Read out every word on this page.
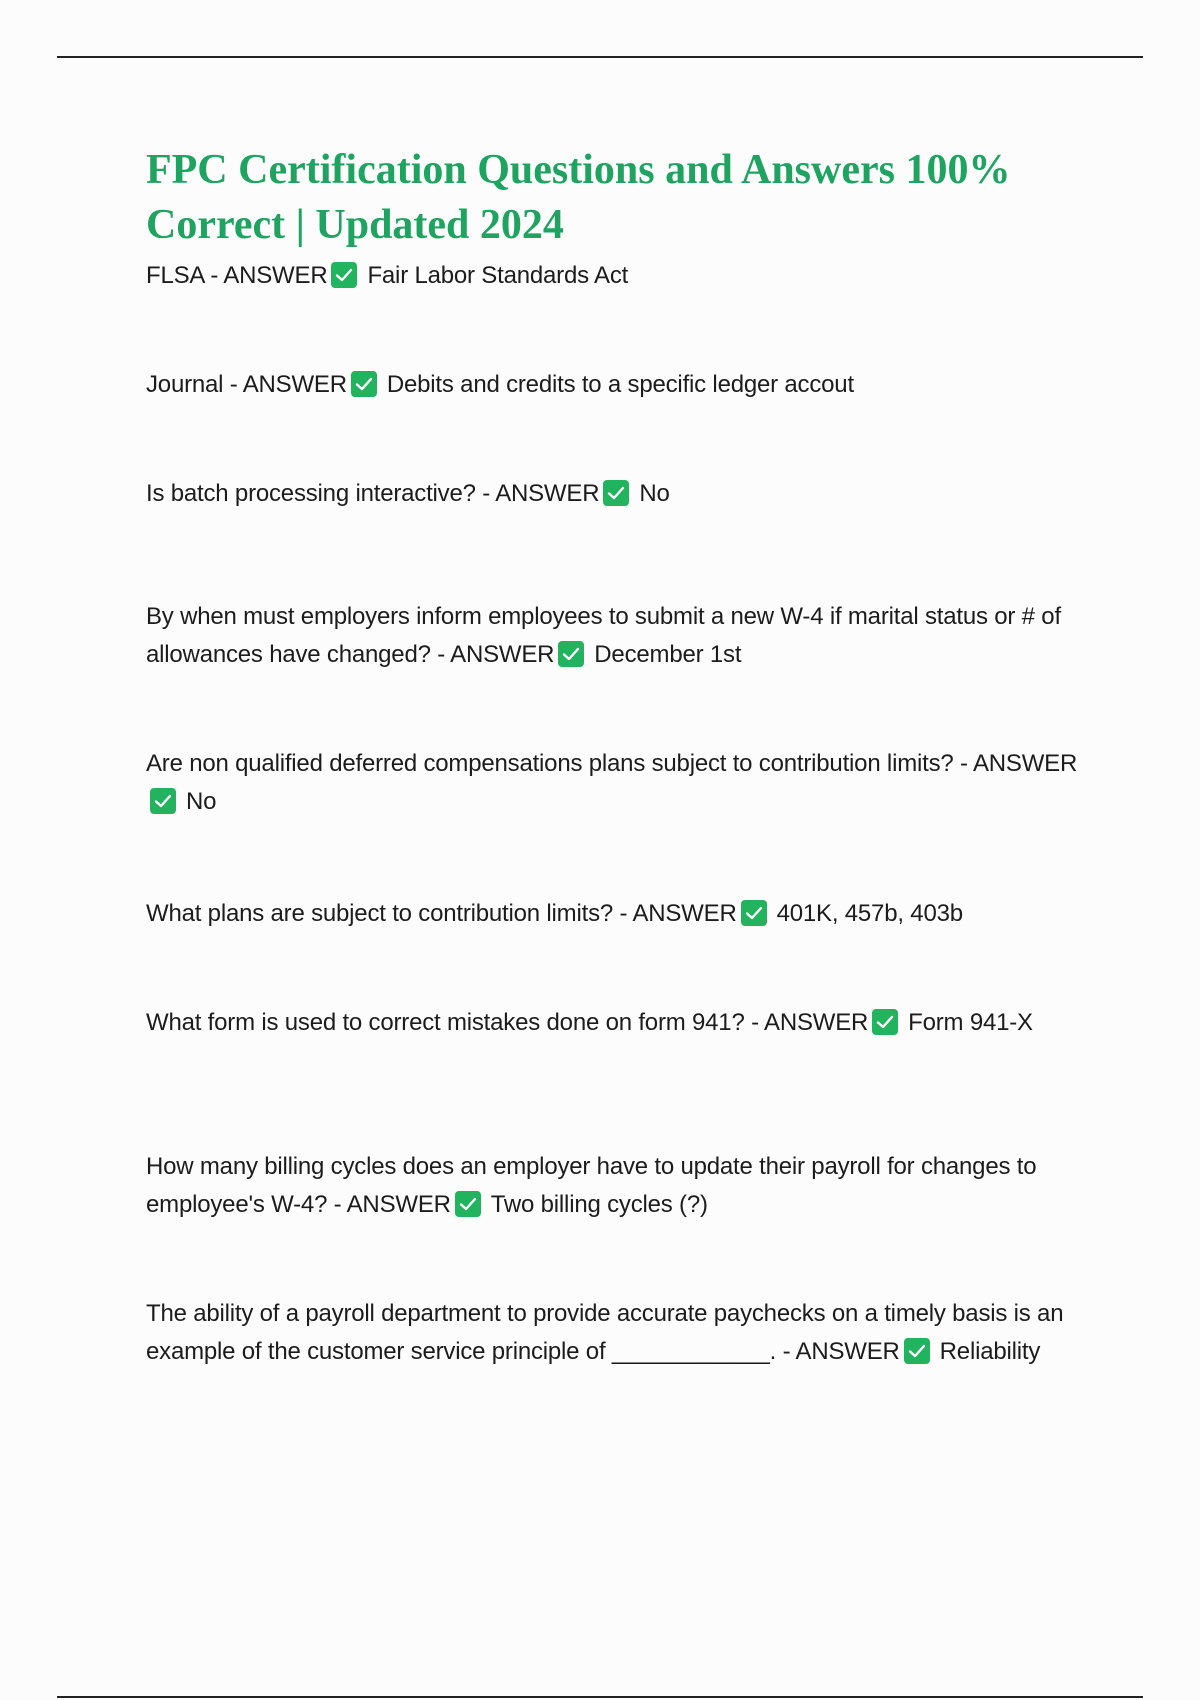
FPC Certification Questions and Answers 100% Correct | Updated 2024

FLSA - ANSWER Fair Labor Standards Act

Journal - ANSWER Debits and credits to a specific ledger accout

Is batch processing interactive? - ANSWER No

By when must employers inform employees to submit a new W-4 if marital status or # of allowances have changed? - ANSWER December 1st

Are non qualified deferred compensations plans subject to contribution limits? - ANSWER
No

What plans are subject to contribution limits? - ANSWER 401K, 457b, 403b

What form is used to correct mistakes done on form 941? - ANSWER Form 941-X

How many billing cycles does an employer have to update their payroll for changes to employee's W-4? - ANSWER Two billing cycles (?)

The ability of a payroll department to provide accurate paychecks on a timely basis is an example of the customer service principle of ____________. - ANSWER Reliability
